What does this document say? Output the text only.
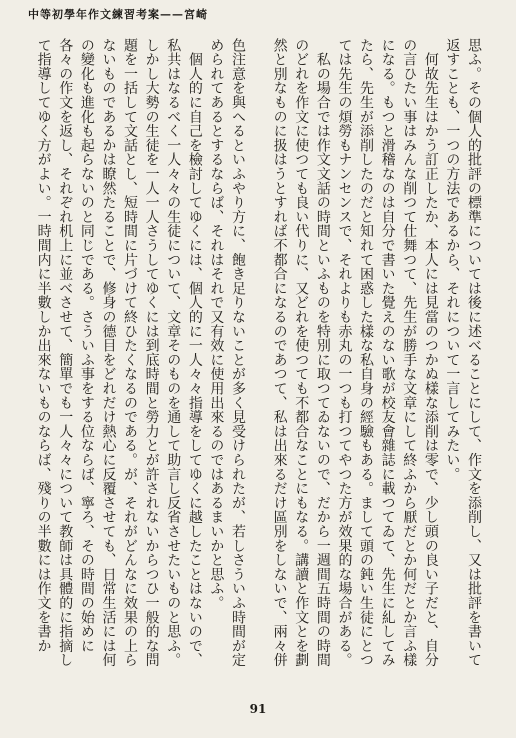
中等初學年作文練習考案——宮崎
思ふ。その個人的批評の標準については後に述べることにして、作文を添削し、又は批評を書いて返すことも、一つの方法であるから、それについて一言してみたい。
　何故先生はかう訂正したか、本人には見當のつかぬ樣な添削は零で、少し頭の良い子だと、自分の言ひたい事はみんな削つて仕舞つて、先生が勝手な文章にして終ふから厭だとか何だとか言ふ樣になる。もつと滑稽なのは自分で書いた覺えのない歌が校友會雜誌に載つてゐて、先生に糺してみたら、先生が添削したのだと知れて困惑した樣な私自身の經驗もある。まして頭の鈍い生徒にとつては先生の煩勞もナンセンスで、それよりも赤丸の一つも打つてやつた方が效果的な場合がある。
　私の場合では作文文話の時間といふものを特別に取つてゐないので、だから一週間五時間の時間のどれを作文に使つても良い代りに、又どれを使つても不都合なことにもなる。講讀と作文とを劃然と別なものに扱はうとすれば不都合になるのであつて、私は出來るだけ區別をしないで、兩々併
色注意を與へるといふやり方に、飽き足りないことが多く見受けられたが、若しさういふ時間が定められてあるとするならば、それはそれで又有效に使用出來るのではあるまいかと思ふ。
　個人的に自己を檢討してゆくには、個人的に一人々々指導をしてゆくに越したことはないので、私共はなるべく一人々々の生徒について、文章そのものを通して助言し反省させたいものと思ふ。しかし大勢の生徒を一人一人さうしてゆくには到底時間と勞力とが許されないからつひ一般的な問題を一括して文話とし、短時間に片づけて終ひたくなるのである。が、それがどんなに效果の上らないものであるかは瞭然たることで、修身の德目をどれだけ熱心に反覆させても、日常生活には何の變化も進化も起らないのと同じである。さういふ事をする位ならば、寧ろ、その時間の始めに各々の作文を返し、それぞれ机上に並べさせて、簡單でも一人々々について教師は具體的に指摘して指導してゆく方がよい。一時間内に半數しか出來ないものならば、殘りの半數には作文を書か
91
